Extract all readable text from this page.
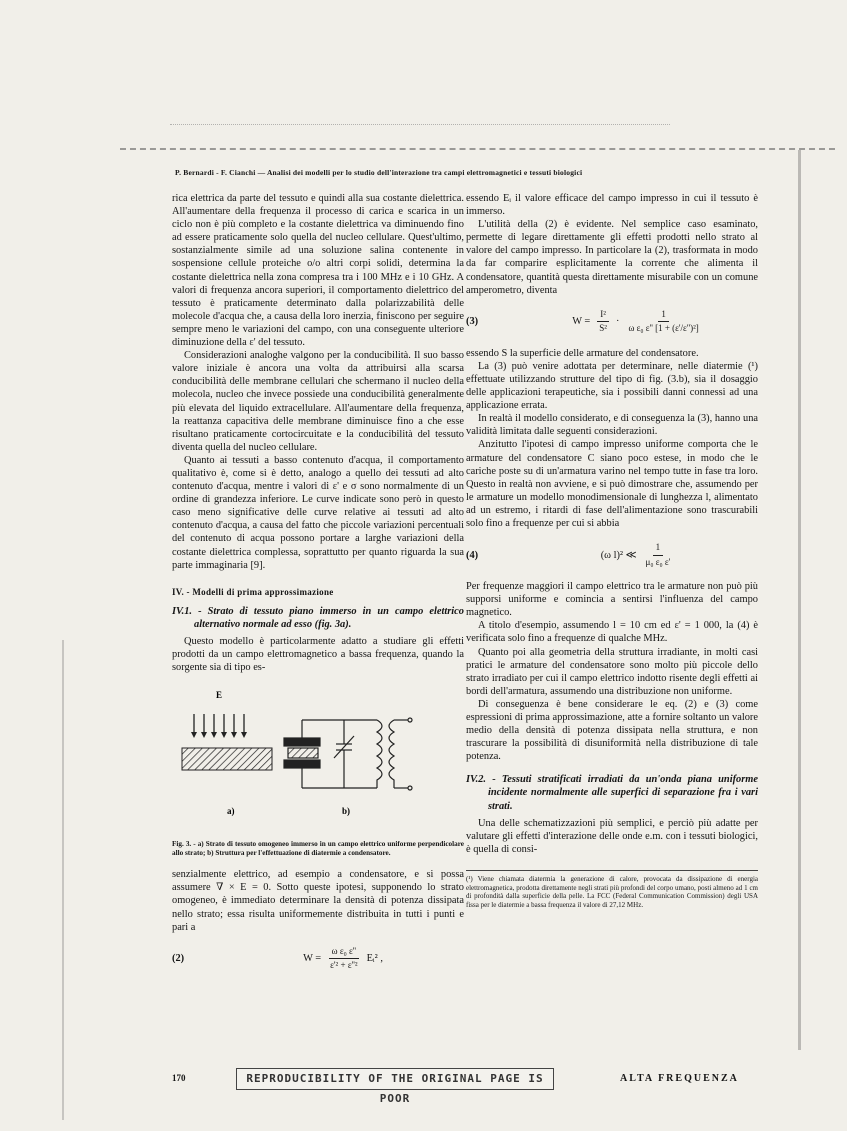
P. Bernardi - F. Cianchi — Analisi dei modelli per lo studio dell'interazione tra campi elettromagnetici e tessuti biologici

rica elettrica da parte del tessuto e quindi alla sua costante dielettrica. All'aumentare della frequenza il processo di carica e scarica in un ciclo non è più completo e la costante dielettrica va diminuendo fino ad essere praticamente solo quella del nucleo cellulare. Quest'ultimo, sostanzialmente simile ad una soluzione salina contenente in sospensione cellule proteiche o/o altri corpi solidi, determina la costante dielettrica nella zona compresa tra i 100 MHz e i 10 GHz. A valori di frequenza ancora superiori, il comportamento dielettrico del tessuto è praticamente determinato dalla polarizzabilità delle molecole d'acqua che, a causa della loro inerzia, finiscono per seguire sempre meno le variazioni del campo, con una conseguente ulteriore diminuzione della ε' del tessuto.

Considerazioni analoghe valgono per la conducibilità. Il suo basso valore iniziale è ancora una volta da attribuirsi alla scarsa conducibilità delle membrane cellulari che schermano il nucleo della molecola, nucleo che invece possiede una conducibilità generalmente più elevata del liquido extracellulare. All'aumentare della frequenza, la reattanza capacitiva delle membrane diminuisce fino a che esse risultano praticamente cortocircuitate e la conducibilità del tessuto diventa quella del nucleo cellulare.

Quanto ai tessuti a basso contenuto d'acqua, il comportamento qualitativo è, come si è detto, analogo a quello dei tessuti ad alto contenuto d'acqua, mentre i valori di ε' e σ sono normalmente di un ordine di grandezza inferiore. Le curve indicate sono però in questo caso meno significative delle curve relative ai tessuti ad alto contenuto d'acqua, a causa del fatto che piccole variazioni percentuali del contenuto di acqua possono portare a larghe variazioni della costante dielettrica complessa, soprattutto per quanto riguarda la sua parte immaginaria [9].

IV. - Modelli di prima approssimazione
IV.1. - Strato di tessuto piano immerso in un campo elettrico alternativo normale ad esso (fig. 3a).

Questo modello è particolarmente adatto a studiare gli effetti prodotti da un campo elettromagnetico a bassa frequenza, quando la sorgente sia di tipo es-

E
a)	b)
Fig. 3. - a) Strato di tessuto omogeneo immerso in un campo elettrico uniforme perpendicolare allo strato; b) Struttura per l'effettuazione di diatermie a condensatore.

senzialmente elettrico, ad esempio a condensatore, e si possa assumere ∇ × E = 0. Sotto queste ipotesi, supponendo lo strato omogeneo, è immediato determinare la densità di potenza dissipata nello strato; essa risulta uniformemente distribuita in tutti i punti e pari a

(2)	$W = \frac{\text{ω ε₀ ε''}}{\text{ε'² + ε''²}}$ Eᵢ² ,

essendo Eᵢ il valore efficace del campo impresso in cui il tessuto è immerso.

L'utilità della (2) è evidente. Nel semplice caso esaminato, permette di legare direttamente gli effetti prodotti nello strato al valore del campo impresso. In particolare la (2), trasformata in modo da far comparire esplicitamente la corrente che alimenta il condensatore, quantità questa direttamente misurabile con un comune amperometro, diventa

(3)	$W = \frac{\text{I²}}{\text{S²}} \cdot \frac{1}{\text{ω ε₀ ε'' [1 + (ε'/ε'')²]}}$

essendo S la superficie delle armature del condensatore.

La (3) può venire adottata per determinare, nelle diatermie (¹) effettuate utilizzando strutture del tipo di fig. (3.b), sia il dosaggio delle applicazioni terapeutiche, sia i possibili danni connessi ad una applicazione errata.

In realtà il modello considerato, e di conseguenza la (3), hanno una validità limitata dalle seguenti considerazioni.

Anzitutto l'ipotesi di campo impresso uniforme comporta che le armature del condensatore C siano poco estese, in modo che le cariche poste su di un'armatura varino nel tempo tutte in fase tra loro. Questo in realtà non avviene, e si può dimostrare che, assumendo per le armature un modello monodimensionale di lunghezza l, alimentato ad un estremo, i ritardi di fase dell'alimentazione sono trascurabili solo fino a frequenze per cui si abbia

(4)	(ω l)² ≪ $\frac{1}{\text{μ₀ ε₀ ε'}}$

Per frequenze maggiori il campo elettrico tra le armature non può più supporsi uniforme e comincia a sentirsi l'influenza del campo magnetico.

A titolo d'esempio, assumendo l = 10 cm ed ε' = 1 000, la (4) è verificata solo fino a frequenze di qualche MHz.

Quanto poi alla geometria della struttura irradiante, in molti casi pratici le armature del condensatore sono molto più piccole dello strato irradiato per cui il campo elettrico indotto risente degli effetti ai bordi dell'armatura, assumendo una distribuzione non uniforme.

Di conseguenza è bene considerare le eq. (2) e (3) come espressioni di prima approssimazione, atte a fornire soltanto un valore medio della densità di potenza dissipata nella struttura, e non trascurare la possibilità di disuniformità nella distribuzione di tale potenza.

IV.2. - Tessuti stratificati irradiati da un'onda piana uniforme incidente normalmente alle superfici di separazione fra i vari strati.

Una delle schematizzazioni più semplici, e perciò più adatte per valutare gli effetti d'interazione delle onde e.m. con i tessuti biologici, è quella di consi-

(¹) Viene chiamata diatermia la generazione di calore, provocata da dissipazione di energia elettromagnetica, prodotta direttamente negli strati più profondi del corpo umano, posti almeno ad 1 cm di profondità dalla superficie della pelle. La FCC (Federal Communication Commission) degli USA fissa per le diatermie a bassa frequenza il valore di 27,12 MHz.
170	REPRODUCIBILITY OF THE ORIGINAL PAGE IS POOR
ALTA FREQUENZA
